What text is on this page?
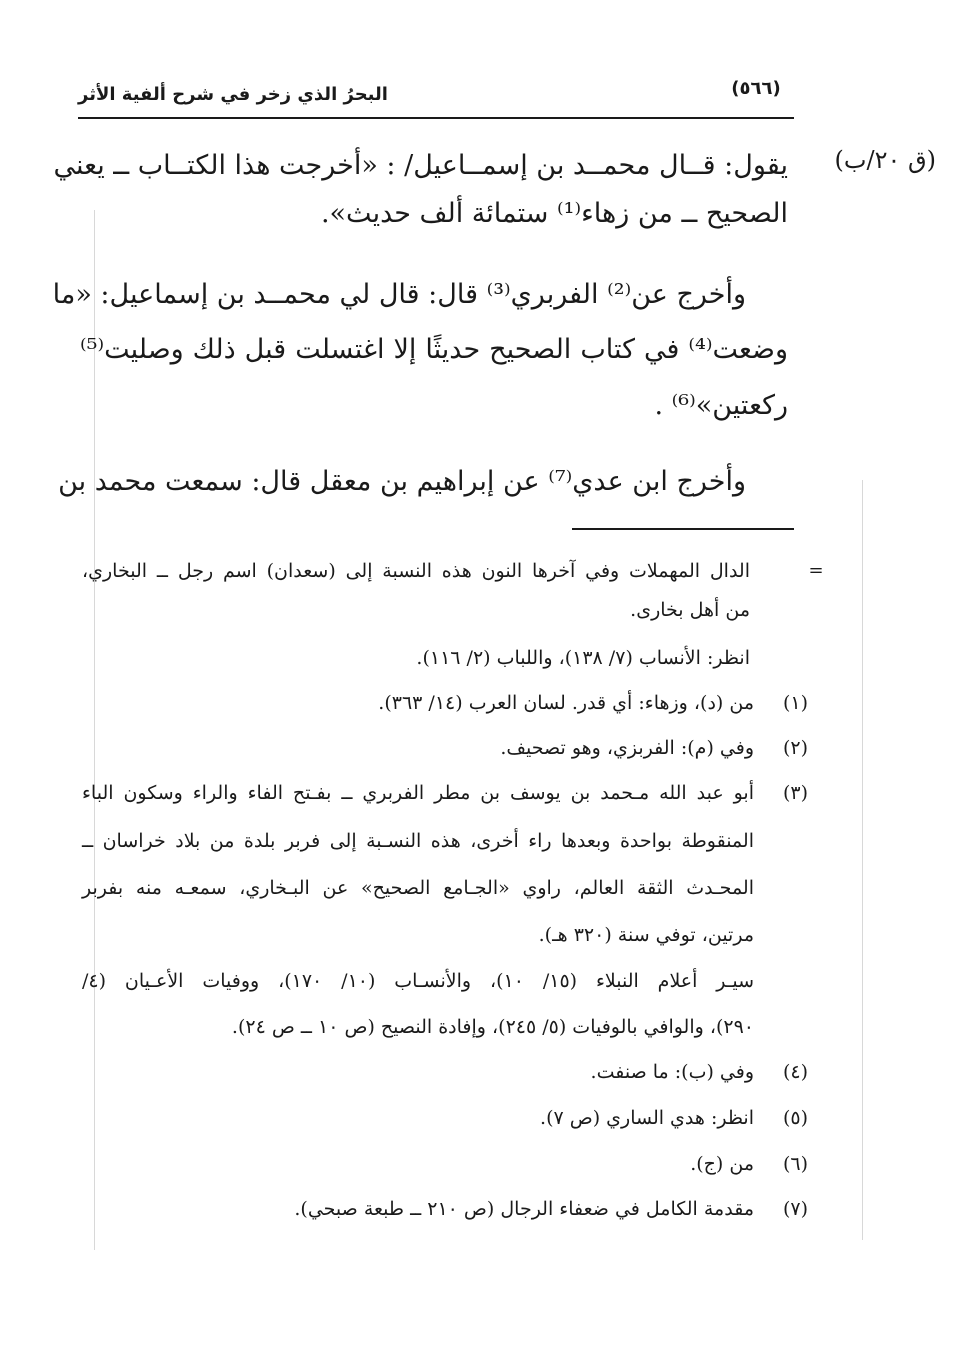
البحرُ الذي زخر في شرح ألفية الأثر	(٥٦٦)
(ق ٢٠/ب)
يقول: قــال محمــد بن إسمــاعيل/ : «أخرجت هذا الكتــاب ــ يعني
الصحيح ــ من زهاء⁽¹⁾ ستمائة ألف حديث».
وأخرج عن⁽²⁾ الفربري⁽³⁾ قال: قال لي محمــد بن إسماعيل: «ما
وضعت⁽⁴⁾ في كتاب الصحيح حديثًا إلا اغتسلت قبل ذلك وصليت⁽⁵⁾
ركعتين»⁽⁶⁾ .
وأخرج ابن عدي⁽⁷⁾ عن إبراهيم بن معقل قال: سمعت محمد بن
=
الدال المهملات وفي آخرها النون هذه النسبة إلى (سعدان) اسم رجل ــ البخاري،
من أهل بخارى.
انظر: الأنساب (٧/ ١٣٨)، واللباب (٢/ ١١٦).
(١)
من (د)، وزهاء: أي قدر. لسان العرب (١٤/ ٣٦٣).
(٢)
وفي (م): الفربزي، وهو تصحيف.
(٣)
أبو عبد الله مـحمد بن يوسف بن مطر الفربري ــ بفـتح الفاء والراء وسكون الباء
المنقوطة بواحدة وبعدها راء أخرى، هذه النسـبة إلى فربر بلدة من بلاد خراسان ــ
المحـدث الثقة العالم، راوي «الجـامع الصحيح» عن البـخاري، سمعـه منه بفربر
مرتين، توفي سنة (٣٢٠ هـ).
سيـر أعلام النبلاء (١٥/ ١٠)، والأنسـاب (١٠/ ١٧٠)، ووفيات الأعـيان (٤/
٢٩٠)، والوافي بالوفيات (٥/ ٢٤٥)، وإفادة النصيح (ص ١٠ ــ ص ٢٤).
(٤)
وفي (ب): ما صنفت.
(٥)
انظر: هدي الساري (ص ٧).
(٦)
من (ج).
(٧)
مقدمة الكامل في ضعفاء الرجال (ص ٢١٠ ــ طبعة صبحي).
